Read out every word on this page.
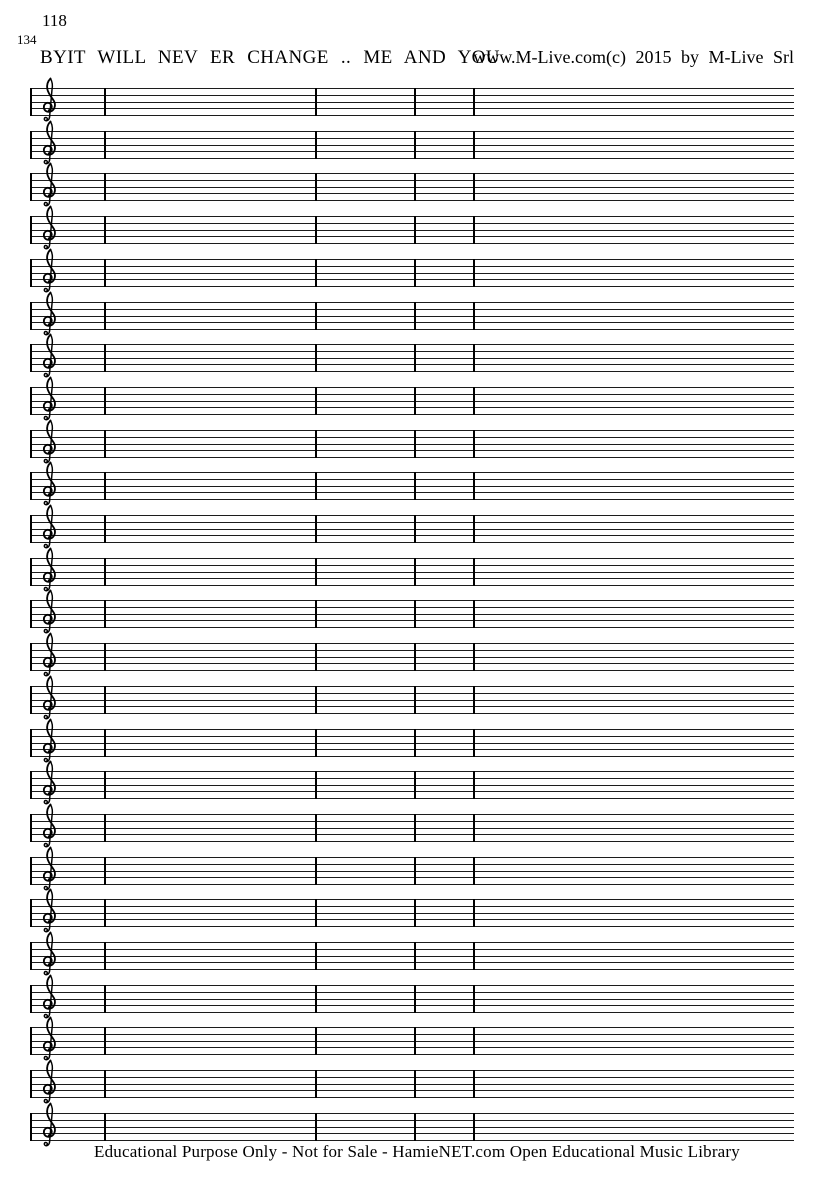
118
134
BYIT WILL NEV ER CHANGE .. ME AND YOU
www.M-Live.com(c) 2015 by M-Live Srl
Educational Purpose Only - Not for Sale - HamieNET.com Open Educational Music Library
